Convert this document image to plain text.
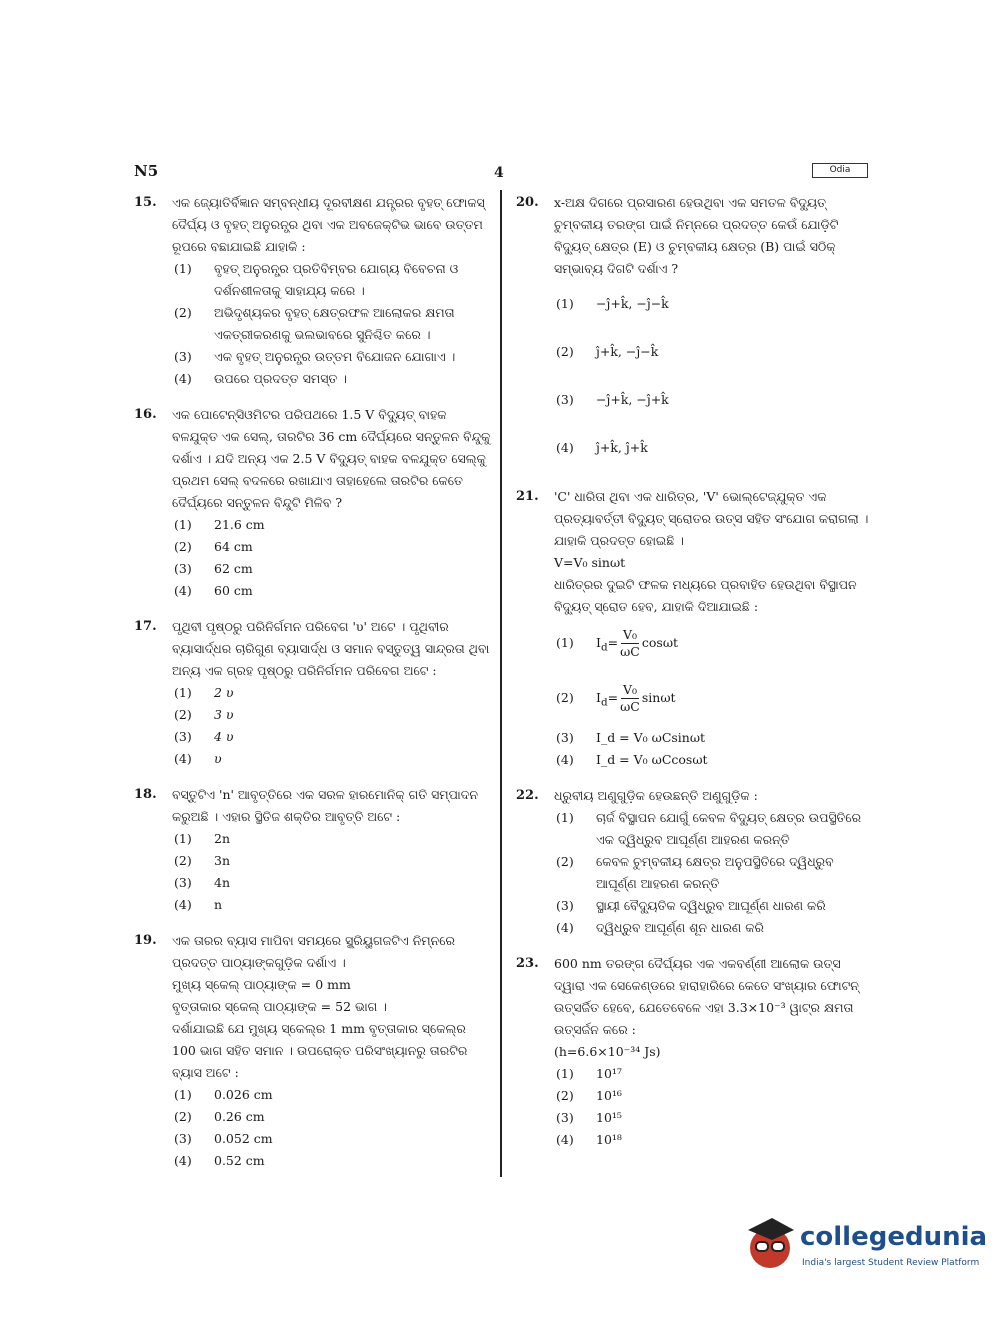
N5	4	Odia
15. ଏକ ଜ୍ୟୋତିର୍ବିଜ୍ଞାନ ସମ୍ବନ୍ଧୀୟ ଦୂରବୀକ୍ଷଣ ଯନ୍ତ୍ରର ବୃହତ୍ ଫୋକସ୍ ଦୈର୍ଘ୍ୟ ଓ ବୃହତ୍ ଅନୁରନ୍ଧ୍ର ଥିବା ଏକ ଅବଜେକ୍ଟିଭ ଭାବେ ଉତ୍ତମ ରୂପରେ ବଛାଯାଇଛି ଯାହାକି :
(1) ବୃହତ୍ ଅନୁରନ୍ଧ୍ର ପ୍ରତିବିମ୍ବର ଯୋଗ୍ୟ ବିବେଚନା ଓ ଦର୍ଶନଶୀଳତାକୁ ସାହାଯ୍ୟ କରେ ।
(2) ଅଭିଦୃଶ୍ୟକର ବୃହତ୍ କ୍ଷେତ୍ରଫଳ ଆଲୋକର କ୍ଷମତା ଏକତ୍ରୀକରଣକୁ ଭଲଭାବରେ ସୁନିଶ୍ଚିତ କରେ ।
(3) ଏକ ବୃହତ୍ ଅନୁରନ୍ଧ୍ର ଉତ୍ତମ ବିଯୋଜନ ଯୋଗାଏ ।
(4) ଉପରେ ପ୍ରଦତ୍ତ ସମସ୍ତ ।
16. ଏକ ପୋଟେନ୍ସିଓମିଟର ପରିପଥରେ 1.5 V ବିଦ୍ୟୁତ୍ ବାହକ ବଳଯୁକ୍ତ ଏକ ସେଲ୍, ତାରଟିର 36 cm ଦୈର୍ଘ୍ୟରେ ସନ୍ତୁଳନ ବିନ୍ଦୁକୁ ଦର୍ଶାଏ । ଯଦି ଅନ୍ୟ ଏକ 2.5 V ବିଦ୍ୟୁତ୍ ବାହକ ବଳଯୁକ୍ତ ସେଲ୍‌କୁ ପ୍ରଥମ ସେଲ୍ ବଦଳରେ ରଖାଯାଏ ତାହାହେଲେ ତାରଟିର କେତେ ଦୈର୍ଘ୍ୟରେ ସନ୍ତୁଳନ ବିନ୍ଦୁଟି ମିଳିବ ?
(1) 21.6 cm
(2) 64 cm
(3) 62 cm
(4) 60 cm
17. ପୃଥିବୀ ପୃଷ୍ଠରୁ ପରିନିର୍ଗମନ ପରିବେଗ 'υ' ଅଟେ । ପୃଥିବୀର ବ୍ୟାସାର୍ଦ୍ଧର ଚାରିଗୁଣ ବ୍ୟାସାର୍ଦ୍ଧ ଓ ସମାନ ବସ୍ତୁତ୍ୱ ସାନ୍ଦ୍ରତା ଥିବା ଅନ୍ୟ ଏକ ଗ୍ରହ ପୃଷ୍ଠରୁ ପରିନିର୍ଗମନ ପରିବେଗ ଅଟେ :
(1) 2 υ
(2) 3 υ
(3) 4 υ
(4) υ
18. ବସ୍ତୁଟିଏ 'n' ଆବୃତ୍ତିରେ ଏକ ସରଳ ହାରମୋନିକ୍ ଗତି ସମ୍ପାଦନ କରୁଅଛି । ଏହାର ସ୍ଥିତିଜ ଶକ୍ତିର ଆବୃତ୍ତି ଅଟେ :
(1) 2n
(2) 3n
(3) 4n
(4) n
19. ଏକ ତାରର ବ୍ୟାସ ମାପିବା ସମୟରେ ସ୍କ୍ରିୟୁଗଜଟିଏ ନିମ୍ନରେ ପ୍ରଦତ୍ତ ପାଠ୍ୟାଙ୍କଗୁଡ଼ିକ ଦର୍ଶାଏ ।
ମୁଖ୍ୟ ସ୍କେଲ୍ ପାଠ୍ୟାଙ୍କ = 0 mm
ବୃତ୍ତାକାର ସ୍କେଲ୍ ପାଠ୍ୟାଙ୍କ = 52 ଭାଗ ।
ଦର୍ଶାଯାଇଛି ଯେ ମୁଖ୍ୟ ସ୍କେଲ୍‌ର 1 mm ବୃତ୍ତାକାର ସ୍କେଲ୍‌ର 100 ଭାଗ ସହିତ ସମାନ । ଉପରୋକ୍ତ ପରିସଂଖ୍ୟାନରୁ ତାରଟିର ବ୍ୟାସ ଅଟେ :
(1) 0.026 cm
(2) 0.26 cm
(3) 0.052 cm
(4) 0.52 cm
20. x-ଅକ୍ଷ ଦିଗରେ ପ୍ରସାରଣ ହେଉଥିବା ଏକ ସମତଳ ବିଦ୍ୟୁତ୍ ଚୁମ୍ବକୀୟ ତରଙ୍ଗ ପାଇଁ ନିମ୍ନରେ ପ୍ରଦତ୍ତ କେଉଁ ଯୋଡ଼ିଟି ବିଦ୍ୟୁତ୍ କ୍ଷେତ୍ର (E) ଓ ଚୁମ୍ବକୀୟ କ୍ଷେତ୍ର (B) ପାଇଁ ସଠିକ୍ ସମ୍ଭାବ୍ୟ ଦିଗଟି ଦର୍ଶାଏ ?
(1) −ĵ+k̂, −ĵ−k̂
(2) ĵ+k̂, −ĵ−k̂
(3) −ĵ+k̂, −ĵ+k̂
(4) ĵ+k̂, ĵ+k̂
21. 'C' ଧାରିତା ଥିବା ଏକ ଧାରିତ୍ର, 'V' ଭୋଲ୍‌ଟେଜ୍‌ଯୁକ୍ତ ଏକ ପ୍ରତ୍ୟାବର୍ତ୍ତୀ ବିଦ୍ୟୁତ୍ ସ୍ରୋତର ଉତ୍ସ ସହିତ ସଂଯୋଗ କରାଗଲା । ଯାହାକି ପ୍ରଦତ୍ତ ହୋଇଛି ।
V=V₀ sinωt
ଧାରିତ୍ରର ଦୁଇଟି ଫଳକ ମଧ୍ୟରେ ପ୍ରବାହିତ ହେଉଥିବା ବିସ୍ଥାପନ ବିଦ୍ୟୁତ୍ ସ୍ରୋତ ହେବ, ଯାହାକି ଦିଆଯାଇଛି :
(1) $I_d= \frac{\text{V₀}}{\omega C}$ cosωt
(2) $I_d= \frac{\text{V₀}}{\omega C}$ sinωt
(3) I_d = V₀ ωCsinωt
(4) I_d = V₀ ωCcosωt
22. ଧ୍ରୁବୀୟ ଅଣୁଗୁଡ଼ିକ ହେଉଛନ୍ତି ଅଣୁଗୁଡ଼ିକ :
(1) ଚାର୍ଜ ବିସ୍ଥାପନ ଯୋଗୁଁ କେବଳ ବିଦ୍ୟୁତ୍ କ୍ଷେତ୍ର ଉପସ୍ଥିତିରେ ଏକ ଦ୍ୱିଧ୍ରୁବ ଆଘୂର୍ଣ୍ଣ ଆହରଣ କରନ୍ତି
(2) କେବଳ ଚୁମ୍ବକୀୟ କ୍ଷେତ୍ର ଅନୁପସ୍ଥିତିରେ ଦ୍ୱିଧ୍ରୁବ ଆଘୂର୍ଣ୍ଣ ଆହରଣ କରନ୍ତି
(3) ସ୍ଥାୟୀ ବୈଦ୍ୟୁତିକ ଦ୍ୱିଧ୍ରୁବ ଆଘୂର୍ଣ୍ଣ ଧାରଣ କରି
(4) ଦ୍ୱିଧ୍ରୁବ ଆଘୂର୍ଣ୍ଣ ଶୂନ ଧାରଣ କରି
23. 600 nm ତରଙ୍ଗ ଦୈର୍ଘ୍ୟର ଏକ ଏକବର୍ଣ୍ଣୀ ଆଲୋକ ଉତ୍ସ ଦ୍ୱାରା ଏକ ସେକେଣ୍ଡରେ ହାରାହାରିରେ କେତେ ସଂଖ୍ୟାର ଫୋଟନ୍ ଉତ୍ସର୍ଜିତ ହେବେ, ଯେତେବେଳେ ଏହା 3.3×10⁻³ ୱାଟ୍‌ର କ୍ଷମତା ଉତ୍ସର୍ଜନ କରେ :
(h=6.6×10⁻³⁴ Js)
(1) 10¹⁷
(2) 10¹⁶
(3) 10¹⁵
(4) 10¹⁸
collegedunia
India's largest Student Review Platform
